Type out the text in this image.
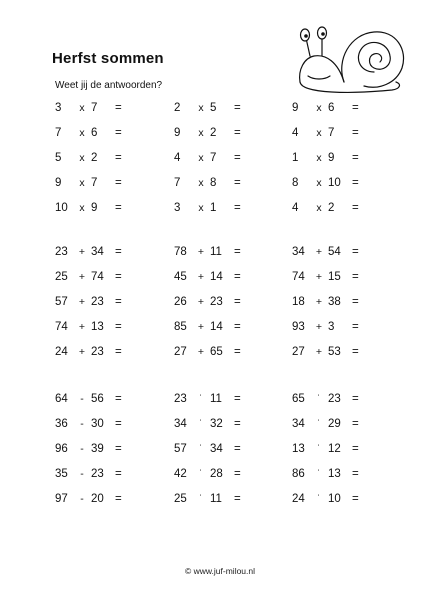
Herfst sommen
Weet jij de antwoorden?
3	x 7	=	2	x 5	=	9	x 6	=
7	x 6	=	9	x 2	=	4	x 7	=
5	x 2	=	4	x 7	=	1	x 9	=
9	x 7	=	7	x 8	=	8	x 10 =
10	x 9	=	3	x 1	=	4	x 2	=
23	+ 34 =	78	+ 11	=	34	+ 54 =
25	+ 74 =	45	+ 14 =	74	+ 15 =
57	+ 23 =	26	+ 23 =	18	+ 38 =
74	+ 13 =	85	+ 14 =	93	+ 3	=
24	+ 23 =	27	+ 65 =	27	+ 53 =
64	- 56 =	23	˙ 11	=	65	˙ 23 =
36	- 30 =	34	˙ 32 =	34	˙ 29 =
96	- 39 =	57	˙ 34 =	13	˙ 12 =
35	- 23 =	42	˙ 28 =	86	˙ 13 =
97	- 20 =	25	˙ 11	=	24	˙ 10 =
© www.juf-milou.nl
